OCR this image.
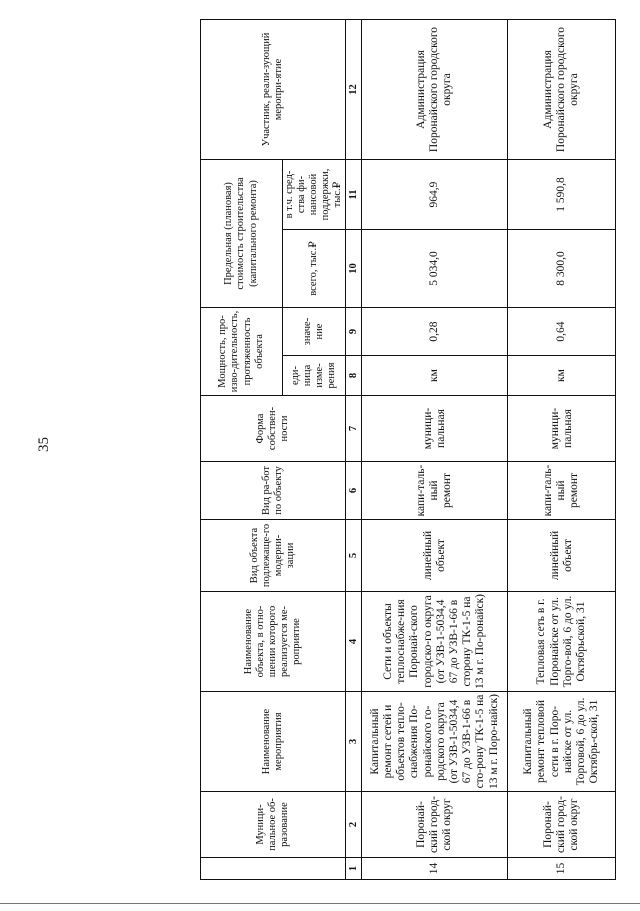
35
	Муници-пальное об-разование	Наименование мероприятия	Наименование объекта, в отно-шении которого реализуется ме-роприятие	Вид объекта подлежаще-го модерни-зации	Вид ра-бот по объекту	Форма собствен-ности	Мощность, про-изво-дительность, протяженность объекта		Предельная (плановая) стоимость строительства (капитального ремонта)		Участник, реали-зующий меропри-ятие
							еди-ница изме-рения	значе-ние	всего, тыс.₽	в т.ч. сред-ства фи-нансовой поддержки, тыс.₽	
1	2	3	4	5	6	7	8	9	10	11	12
14	Поронай-ский город-ской округ	Капитальный ремонт сетей и объектов тепло-снабжения По-ронайского го-родского округа (от УЗВ-1-5034,4 67 до УЗВ-1-66 в сто-рону ТК-1-5 на 13 м г. Поро-найск)	Сети и объекты теплоснабже-ния Поронай-ского городско-го округа (от УЗВ-1-5034,4 67 до УЗВ-1-66 в сторону ТК-1-5 на 13 м г. По-ронайск)	линейный объект	капи-таль-ный ремонт	муници-пальная	км	0,28	5 034,0	964,9	Администрация Поронайского городского округа
15	Поронай-ский город-ской округ	Капитальный ремонт тепловой сети в г. Поро-найске от ул. Торговой, 6 до ул. Октябрь-ской, 31	Тепловая сеть в г. Поронайске от ул. Торго-вой, 6 до ул. Октябрьской, 31	линейный объект	капи-таль-ный ремонт	муници-пальная	км	0,64	8 300,0	1 590,8	Администрация Поронайского городского округа
